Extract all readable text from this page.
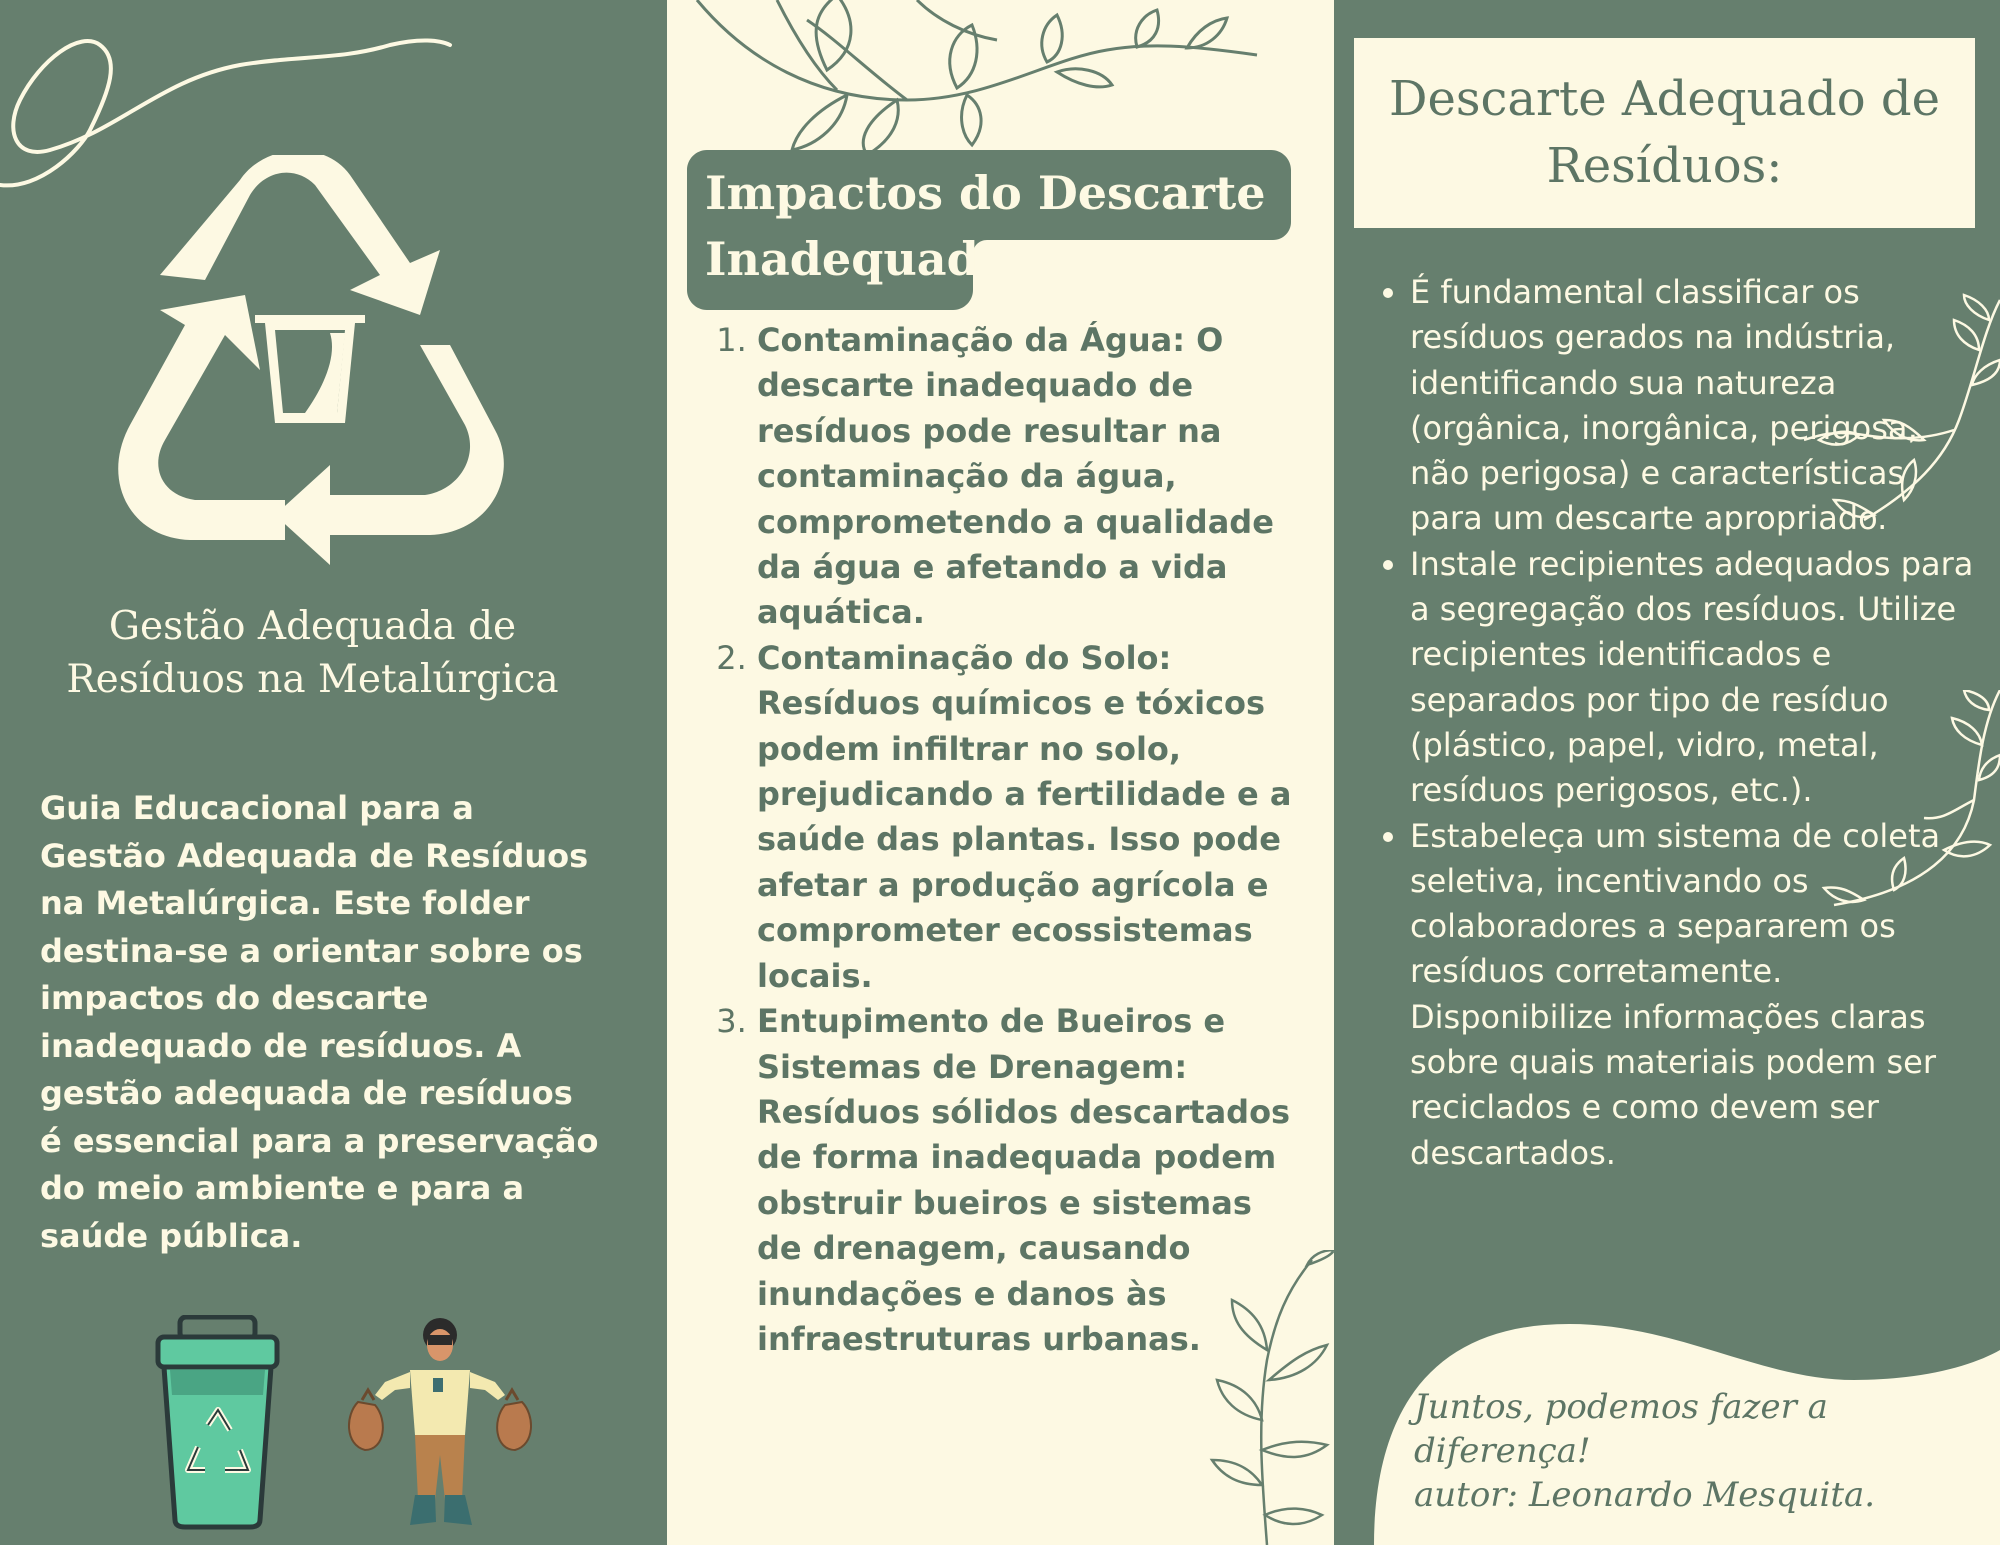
Gestão Adequada de Resíduos na Metalúrgica
Guia Educacional para a Gestão Adequada de Resíduos na Metalúrgica. Este folder destina-se a orientar sobre os impactos do descarte inadequado de resíduos. A gestão adequada de resíduos é essencial para a preservação do meio ambiente e para a saúde pública.
Impactos do Descarte
Inadequado:
1. Contaminação da Água: O descarte inadequado de resíduos pode resultar na contaminação da água, comprometendo a qualidade da água e afetando a vida aquática.
2. Contaminação do Solo: Resíduos químicos e tóxicos podem infiltrar no solo, prejudicando a fertilidade e a saúde das plantas. Isso pode afetar a produção agrícola e comprometer ecossistemas locais.
3. Entupimento de Bueiros e Sistemas de Drenagem: Resíduos sólidos descartados de forma inadequada podem obstruir bueiros e sistemas de drenagem, causando inundações e danos às infraestruturas urbanas.
Descarte Adequado de Resíduos:
• É fundamental classificar os resíduos gerados na indústria, identificando sua natureza (orgânica, inorgânica, perigosa, não perigosa) e características para um descarte apropriado.
• Instale recipientes adequados para a segregação dos resíduos. Utilize recipientes identificados e separados por tipo de resíduo (plástico, papel, vidro, metal, resíduos perigosos, etc.).
• Estabeleça um sistema de coleta seletiva, incentivando os colaboradores a separarem os resíduos corretamente. Disponibilize informações claras sobre quais materiais podem ser reciclados e como devem ser descartados.
Juntos, podemos fazer a
diferença!
autor: Leonardo Mesquita.
